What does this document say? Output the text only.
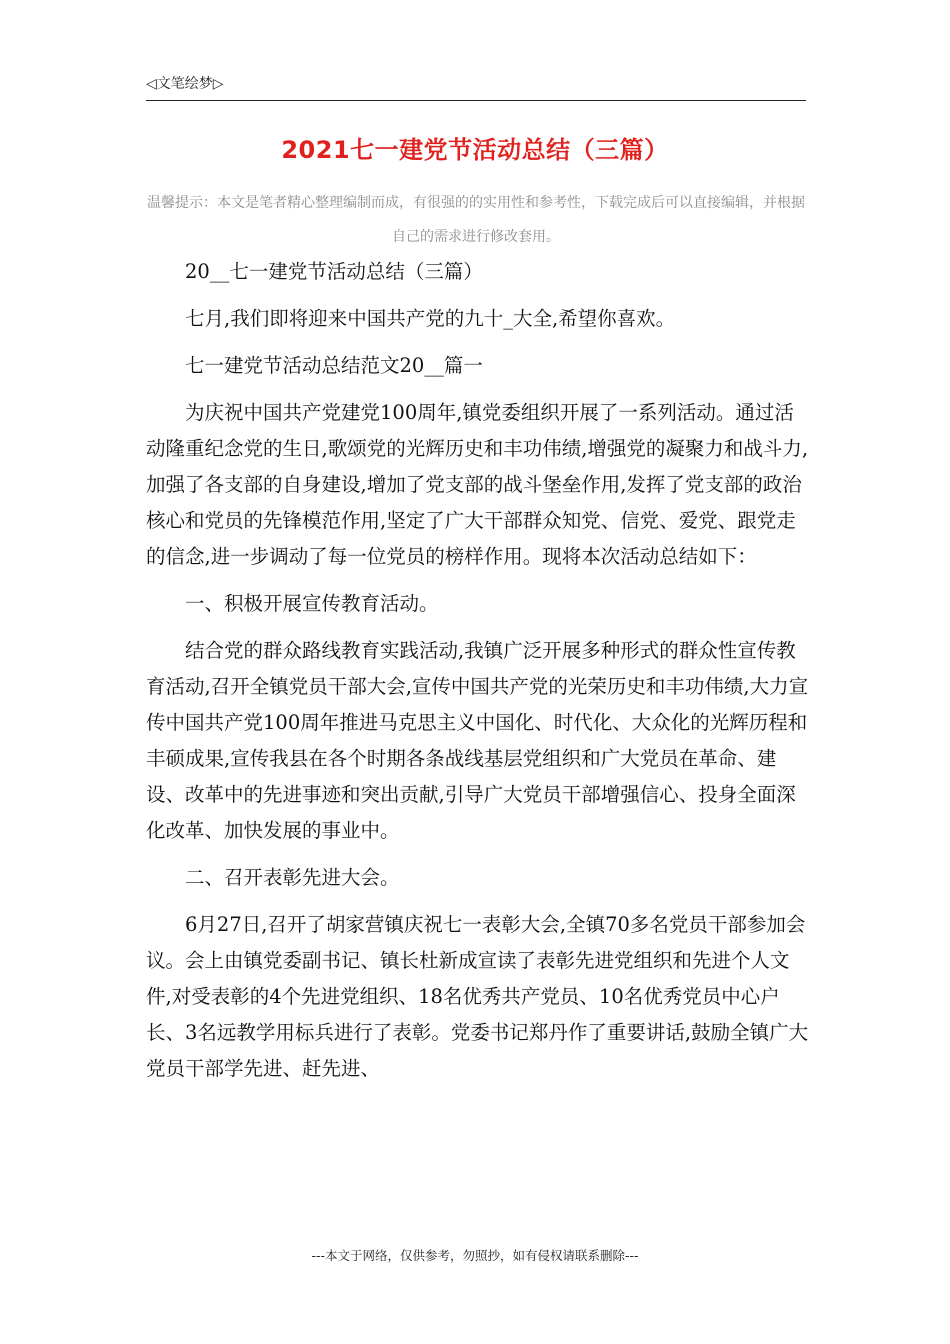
◁文笔绘梦▷
2021七一建党节活动总结（三篇）
温馨提示：本文是笔者精心整理编制而成，有很强的的实用性和参考性，下载完成后可以直接编辑，并根据自己的需求进行修改套用。

20__七一建党节活动总结（三篇）

七月,我们即将迎来中国共产党的九十_大全,希望你喜欢。

七一建党节活动总结范文20__篇一

为庆祝中国共产党建党100周年,镇党委组织开展了一系列活动。通过活动隆重纪念党的生日,歌颂党的光辉历史和丰功伟绩,增强党的凝聚力和战斗力,加强了各支部的自身建设,增加了党支部的战斗堡垒作用,发挥了党支部的政治核心和党员的先锋模范作用,坚定了广大干部群众知党、信党、爱党、跟党走的信念,进一步调动了每一位党员的榜样作用。现将本次活动总结如下：

一、积极开展宣传教育活动。

结合党的群众路线教育实践活动,我镇广泛开展多种形式的群众性宣传教育活动,召开全镇党员干部大会,宣传中国共产党的光荣历史和丰功伟绩,大力宣传中国共产党100周年推进马克思主义中国化、时代化、大众化的光辉历程和丰硕成果,宣传我县在各个时期各条战线基层党组织和广大党员在革命、建设、改革中的先进事迹和突出贡献,引导广大党员干部增强信心、投身全面深化改革、加快发展的事业中。

二、召开表彰先进大会。

6月27日,召开了胡家营镇庆祝七一表彰大会,全镇70多名党员干部参加会议。会上由镇党委副书记、镇长杜新成宣读了表彰先进党组织和先进个人文件,对受表彰的4个先进党组织、18名优秀共产党员、10名优秀党员中心户长、3名远教学用标兵进行了表彰。党委书记郑丹作了重要讲话,鼓励全镇广大党员干部学先进、赶先进、

---本文于网络，仅供参考，勿照抄，如有侵权请联系删除---
